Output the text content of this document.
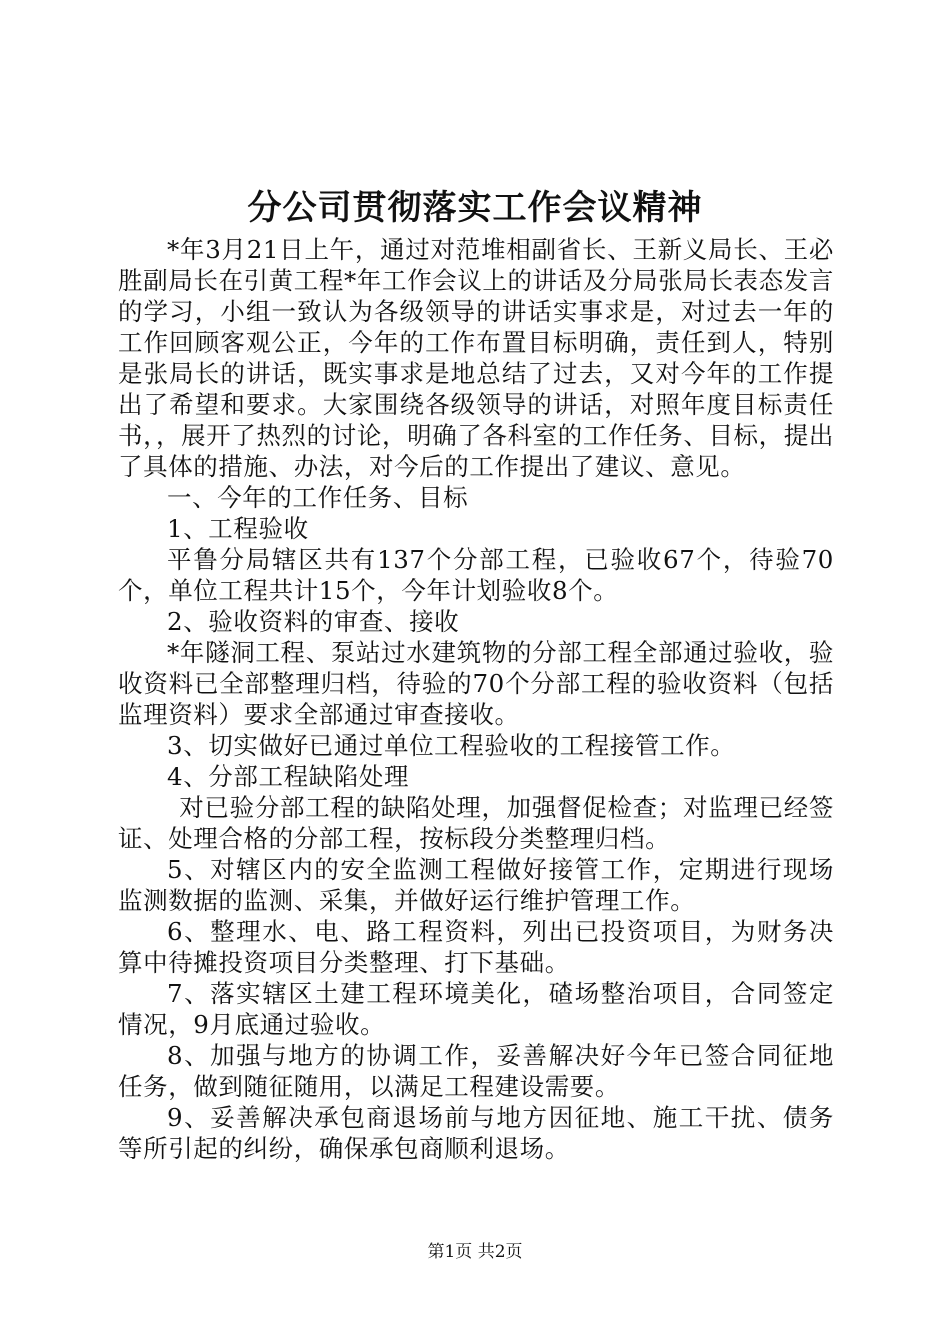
分公司贯彻落实工作会议精神

*年3月21日上午，通过对范堆相副省长、王新义局长、王必胜副局长在引黄工程*年工作会议上的讲话及分局张局长表态发言的学习，小组一致认为各级领导的讲话实事求是，对过去一年的工作回顾客观公正，今年的工作布置目标明确，责任到人，特别是张局长的讲话，既实事求是地总结了过去，又对今年的工作提出了希望和要求。大家围绕各级领导的讲话，对照年度目标责任书，，展开了热烈的讨论，明确了各科室的工作任务、目标，提出了具体的措施、办法，对今后的工作提出了建议、意见。

一、今年的工作任务、目标

1、工程验收

平鲁分局辖区共有137个分部工程，已验收67个，待验70个，单位工程共计15个，今年计划验收8个。

2、验收资料的审查、接收

*年隧洞工程、泵站过水建筑物的分部工程全部通过验收，验收资料已全部整理归档，待验的70个分部工程的验收资料（包括监理资料）要求全部通过审查接收。

3、切实做好已通过单位工程验收的工程接管工作。

4、分部工程缺陷处理

对已验分部工程的缺陷处理，加强督促检查；对监理已经签证、处理合格的分部工程，按标段分类整理归档。

5、对辖区内的安全监测工程做好接管工作，定期进行现场监测数据的监测、采集，并做好运行维护管理工作。

6、整理水、电、路工程资料，列出已投资项目，为财务决算中待摊投资项目分类整理、打下基础。

7、落实辖区土建工程环境美化，碴场整治项目，合同签定情况，9月底通过验收。

8、加强与地方的协调工作，妥善解决好今年已签合同征地任务，做到随征随用，以满足工程建设需要。

9、妥善解决承包商退场前与地方因征地、施工干扰、债务等所引起的纠纷，确保承包商顺利退场。

第1页 共2页
